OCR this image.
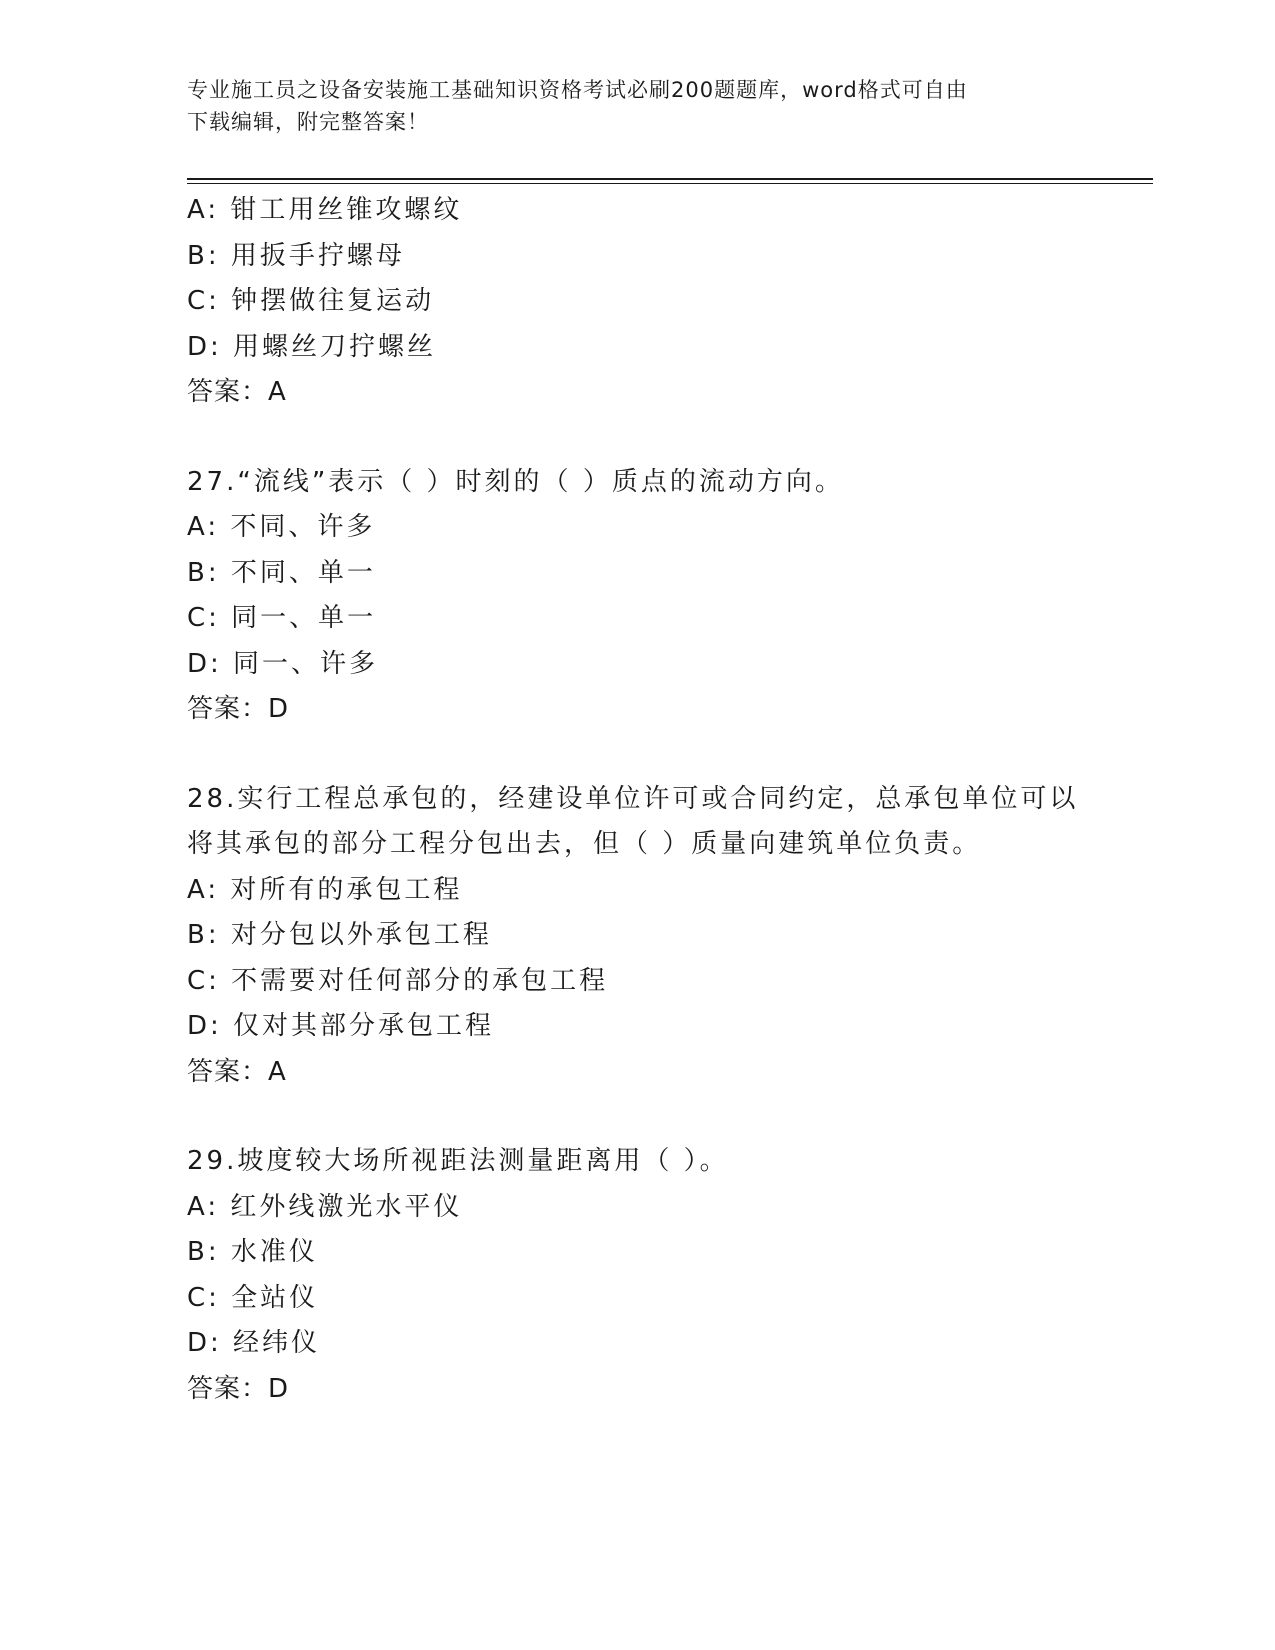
专业施工员之设备安装施工基础知识资格考试必刷200题题库，word格式可自由
下载编辑，附完整答案！
A: 钳工用丝锥攻螺纹
B: 用扳手拧螺母
C: 钟摆做往复运动
D: 用螺丝刀拧螺丝
答案：A
27.“流线”表示（ ）时刻的（ ）质点的流动方向。
A: 不同、许多
B: 不同、单一
C: 同一、单一
D: 同一、许多
答案：D
28.实行工程总承包的，经建设单位许可或合同约定，总承包单位可以
将其承包的部分工程分包出去，但（ ）质量向建筑单位负责。
A: 对所有的承包工程
B: 对分包以外承包工程
C: 不需要对任何部分的承包工程
D: 仅对其部分承包工程
答案：A
29.坡度较大场所视距法测量距离用（ ）。
A: 红外线激光水平仪
B: 水准仪
C: 全站仪
D: 经纬仪
答案：D
